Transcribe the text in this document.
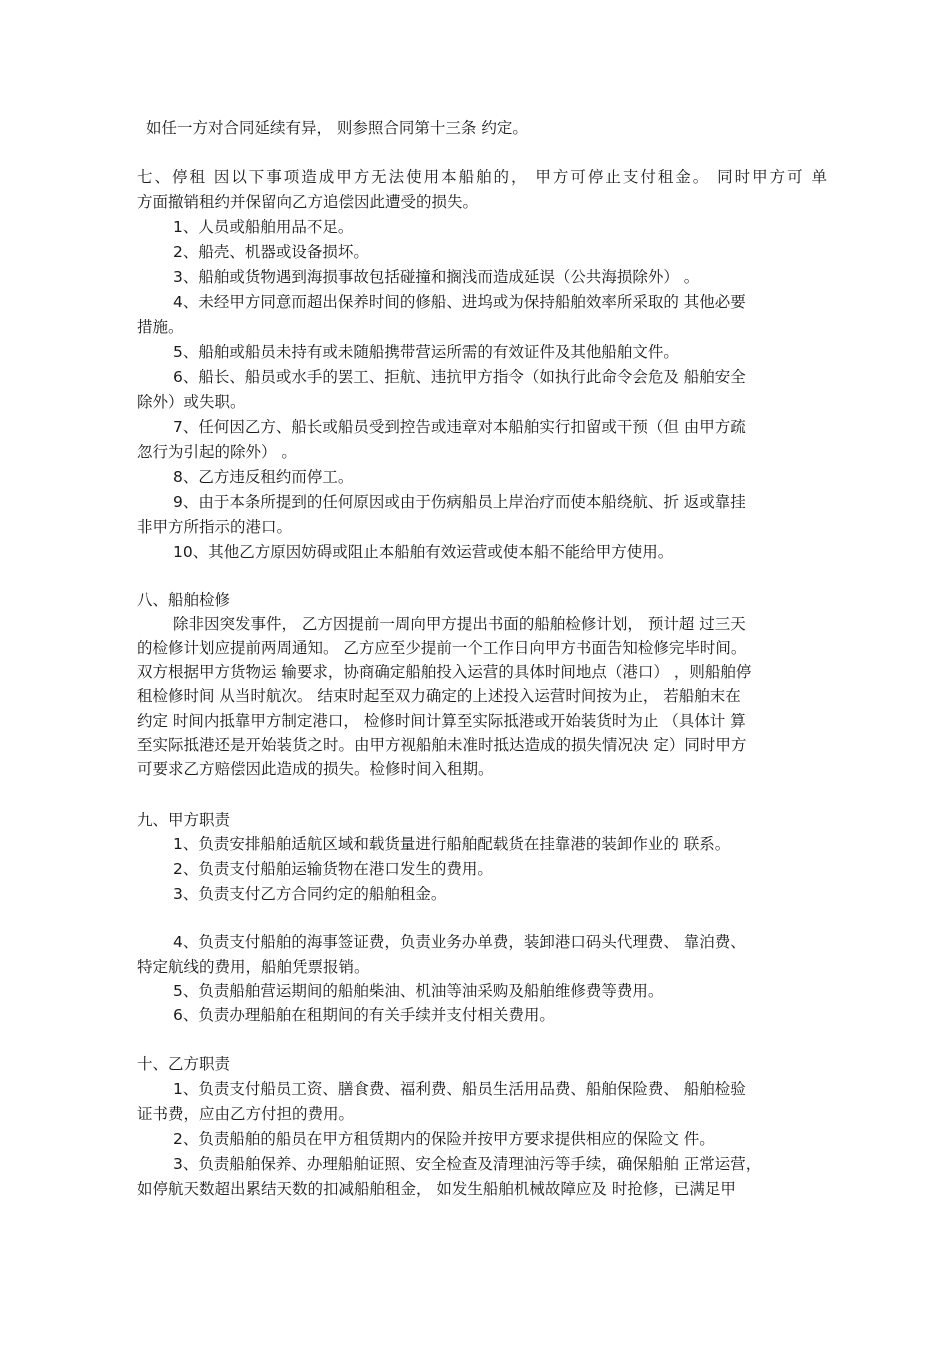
如任一方对合同延续有异， 则参照合同第十三条 约定。
七、停租 因以下事项造成甲方无法使用本船舶的， 甲方可停止支付租金。 同时甲方可 单
方面撤销租约并保留向乙方追偿因此遭受的损失。
1、人员或船舶用品不足。
2、船壳、机器或设备损坏。
3、船舶或货物遇到海损事故包括碰撞和搁浅而造成延误（公共海损除外） 。
4、未经甲方同意而超出保养时间的修船、进坞或为保持船舶效率所采取的 其他必要
措施。
5、船舶或船员未持有或未随船携带营运所需的有效证件及其他船舶文件。
6、船长、船员或水手的罢工、拒航、违抗甲方指令（如执行此命令会危及 船舶安全
除外）或失职。
7、任何因乙方、船长或船员受到控告或违章对本船舶实行扣留或干预（但 由甲方疏
忽行为引起的除外） 。
8、乙方违反租约而停工。
9、由于本条所提到的任何原因或由于伤病船员上岸治疗而使本船绕航、折 返或靠挂
非甲方所指示的港口。
10、其他乙方原因妨碍或阻止本船舶有效运营或使本船不能给甲方使用。
八、船舶检修
除非因突发事件， 乙方因提前一周向甲方提出书面的船舶检修计划， 预计超 过三天
的检修计划应提前两周通知。 乙方应至少提前一个工作日向甲方书面告知检修完毕时间。
双方根据甲方货物运 输要求，协商确定船舶投入运营的具体时间地点（港口） ，则船舶停
租检修时间 从当时航次。 结束时起至双力确定的上述投入运营时间按为止， 若船舶末在
约定 时间内抵靠甲方制定港口， 检修时间计算至实际抵港或开始装货时为止 （具体计 算
至实际抵港还是开始装货之时。由甲方视船舶未准时抵达造成的损失情况决 定）同时甲方
可要求乙方赔偿因此造成的损失。检修时间入租期。
九、甲方职责
1、负责安排船舶适航区域和载货量进行船舶配载货在挂靠港的装卸作业的 联系。
2、负责支付船舶运输货物在港口发生的费用。
3、负责支付乙方合同约定的船舶租金。
4、负责支付船舶的海事签证费，负责业务办单费，装卸港口码头代理费、 靠泊费、
特定航线的费用，船舶凭票报销。
5、负责船舶营运期间的船舶柴油、机油等油采购及船舶维修费等费用。
6、负责办理船舶在租期间的有关手续并支付相关费用。
十、乙方职责
1、负责支付船员工资、膳食费、福利费、船员生活用品费、船舶保险费、 船舶检验
证书费，应由乙方付担的费用。
2、负责船舶的船员在甲方租赁期内的保险并按甲方要求提供相应的保险文 件。
3、负责船舶保养、办理船舶证照、安全检查及清理油污等手续，确保船舶 正常运营，
如停航天数超出累结天数的扣减船舶租金， 如发生船舶机械故障应及 时抢修，已满足甲
